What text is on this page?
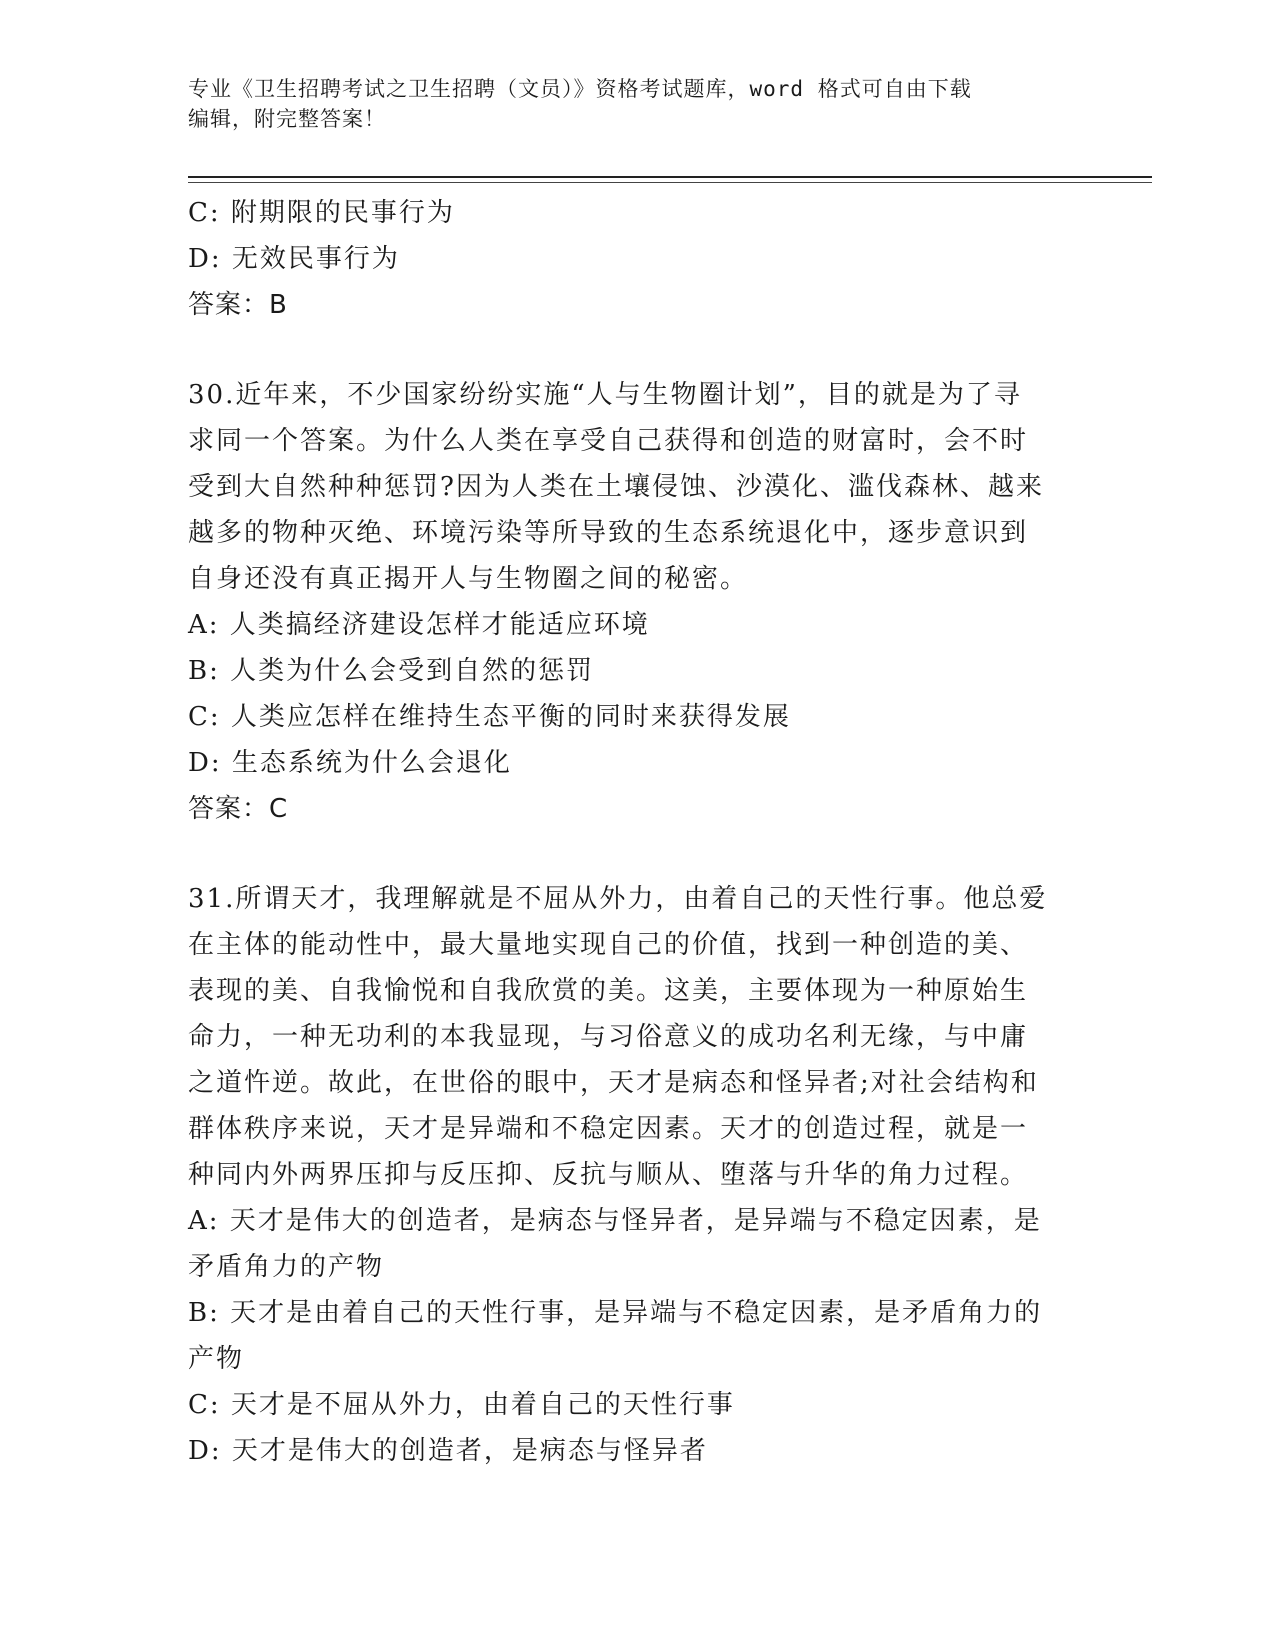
专业《卫生招聘考试之卫生招聘（文员）》资格考试题库，word 格式可自由下载
编辑，附完整答案！
C: 附期限的民事行为
D: 无效民事行为
答案：B
30.近年来，不少国家纷纷实施“人与生物圈计划”，目的就是为了寻
求同一个答案。为什么人类在享受自己获得和创造的财富时，会不时
受到大自然种种惩罚?因为人类在土壤侵蚀、沙漠化、滥伐森林、越来
越多的物种灭绝、环境污染等所导致的生态系统退化中，逐步意识到
自身还没有真正揭开人与生物圈之间的秘密。
A: 人类搞经济建设怎样才能适应环境
B: 人类为什么会受到自然的惩罚
C: 人类应怎样在维持生态平衡的同时来获得发展
D: 生态系统为什么会退化
答案：C
31.所谓天才，我理解就是不屈从外力，由着自己的天性行事。他总爱
在主体的能动性中，最大量地实现自己的价值，找到一种创造的美、
表现的美、自我愉悦和自我欣赏的美。这美，主要体现为一种原始生
命力，一种无功利的本我显现，与习俗意义的成功名利无缘，与中庸
之道忤逆。故此，在世俗的眼中，天才是病态和怪异者;对社会结构和
群体秩序来说，天才是异端和不稳定因素。天才的创造过程，就是一
种同内外两界压抑与反压抑、反抗与顺从、堕落与升华的角力过程。
A: 天才是伟大的创造者，是病态与怪异者，是异端与不稳定因素，是
矛盾角力的产物
B: 天才是由着自己的天性行事，是异端与不稳定因素，是矛盾角力的
产物
C: 天才是不屈从外力，由着自己的天性行事
D: 天才是伟大的创造者，是病态与怪异者
